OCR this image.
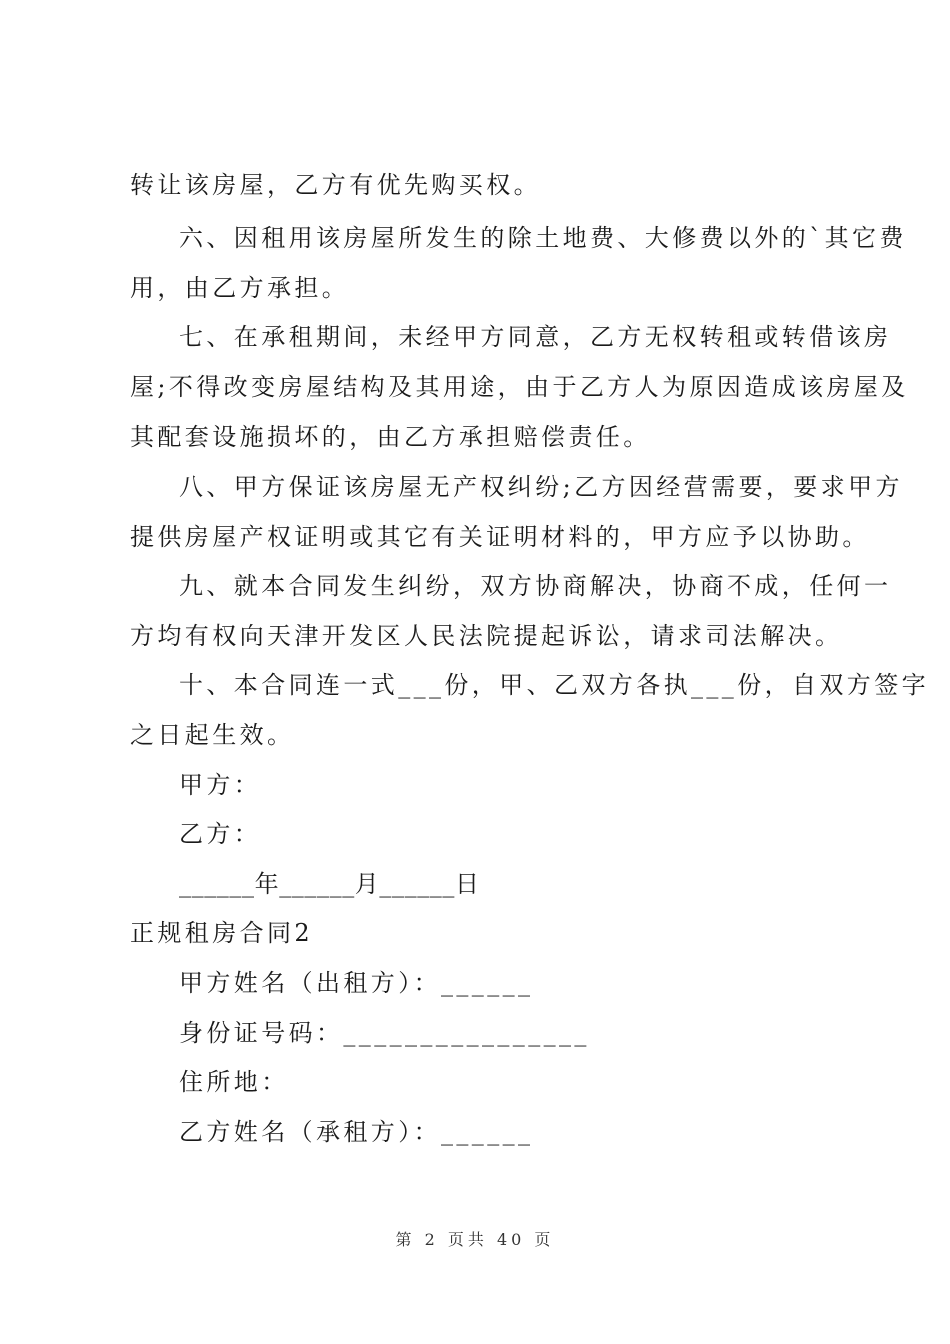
转让该房屋，乙方有优先购买权。
六、因租用该房屋所发生的除土地费、大修费以外的`其它费
用，由乙方承担。
七、在承租期间，未经甲方同意，乙方无权转租或转借该房
屋;不得改变房屋结构及其用途，由于乙方人为原因造成该房屋及
其配套设施损坏的，由乙方承担赔偿责任。
八、甲方保证该房屋无产权纠纷;乙方因经营需要，要求甲方
提供房屋产权证明或其它有关证明材料的，甲方应予以协助。
九、就本合同发生纠纷，双方协商解决，协商不成，任何一
方均有权向天津开发区人民法院提起诉讼，请求司法解决。
十、本合同连一式___份，甲、乙双方各执___份，自双方签字
之日起生效。
甲方：
乙方：
______年______月______日
正规租房合同2
甲方姓名（出租方）：______
身份证号码：________________
住所地：
乙方姓名（承租方）：______
第 2 页共 40 页
